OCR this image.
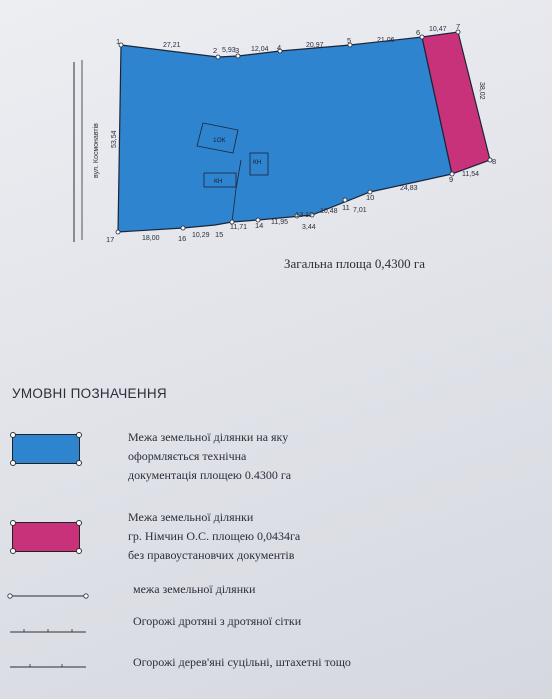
вул. Космонавтів	1ОК
КН
КН
1
2 3	4
5
6
7
8
9
10
11
12
13
14
15
16
17
27,21
5,93 12,04
20,97
21,06
10,47
38,02
11,54
24,83
7,01
10,48
3,44
11,95
11,71
10,29
18,00
53,54
Загальна площа 0,4300 га
УМОВНІ ПОЗНАЧЕННЯ
Межа земельної ділянки на яку
оформляється технічна
документація площею 0.4300 га
Межа земельної ділянки
гр. Німчин О.С. площею 0,0434га
без правоустановчих документів
межа земельної ділянки
Огорожі дротяні з дротяної сітки
Огорожі дерев'яні суцільні, штахетні тощо
